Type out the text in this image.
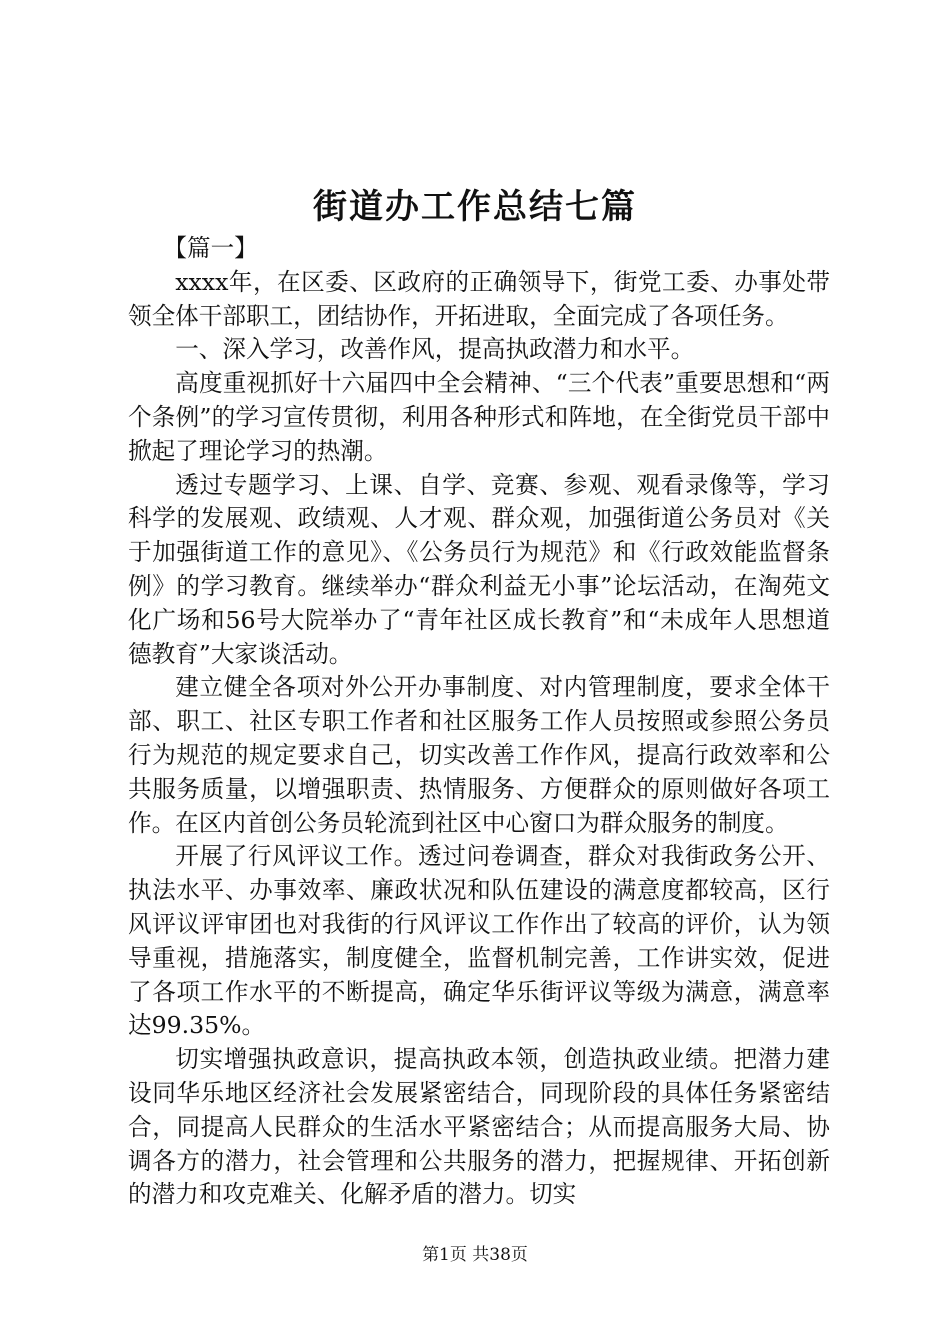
街道办工作总结七篇

【篇一】

xxxx年，在区委、区政府的正确领导下，街党工委、办事处带领全体干部职工，团结协作，开拓进取，全面完成了各项任务。

一、深入学习，改善作风，提高执政潜力和水平。

高度重视抓好十六届四中全会精神、“三个代表”重要思想和“两个条例”的学习宣传贯彻，利用各种形式和阵地，在全街党员干部中掀起了理论学习的热潮。

透过专题学习、上课、自学、竞赛、参观、观看录像等，学习科学的发展观、政绩观、人才观、群众观，加强街道公务员对《关于加强街道工作的意见》、《公务员行为规范》和《行政效能监督条例》的学习教育。继续举办“群众利益无小事”论坛活动，在淘苑文化广场和56号大院举办了“青年社区成长教育”和“未成年人思想道德教育”大家谈活动。

建立健全各项对外公开办事制度、对内管理制度，要求全体干部、职工、社区专职工作者和社区服务工作人员按照或参照公务员行为规范的规定要求自己，切实改善工作作风，提高行政效率和公共服务质量，以增强职责、热情服务、方便群众的原则做好各项工作。在区内首创公务员轮流到社区中心窗口为群众服务的制度。

开展了行风评议工作。透过问卷调查，群众对我街政务公开、执法水平、办事效率、廉政状况和队伍建设的满意度都较高，区行风评议评审团也对我街的行风评议工作作出了较高的评价，认为领导重视，措施落实，制度健全，监督机制完善，工作讲实效，促进了各项工作水平的不断提高，确定华乐街评议等级为满意，满意率达99.35%。

切实增强执政意识，提高执政本领，创造执政业绩。把潜力建设同华乐地区经济社会发展紧密结合，同现阶段的具体任务紧密结合，同提高人民群众的生活水平紧密结合；从而提高服务大局、协调各方的潜力，社会管理和公共服务的潜力，把握规律、开拓创新的潜力和攻克难关、化解矛盾的潜力。切实

第1页 共38页
